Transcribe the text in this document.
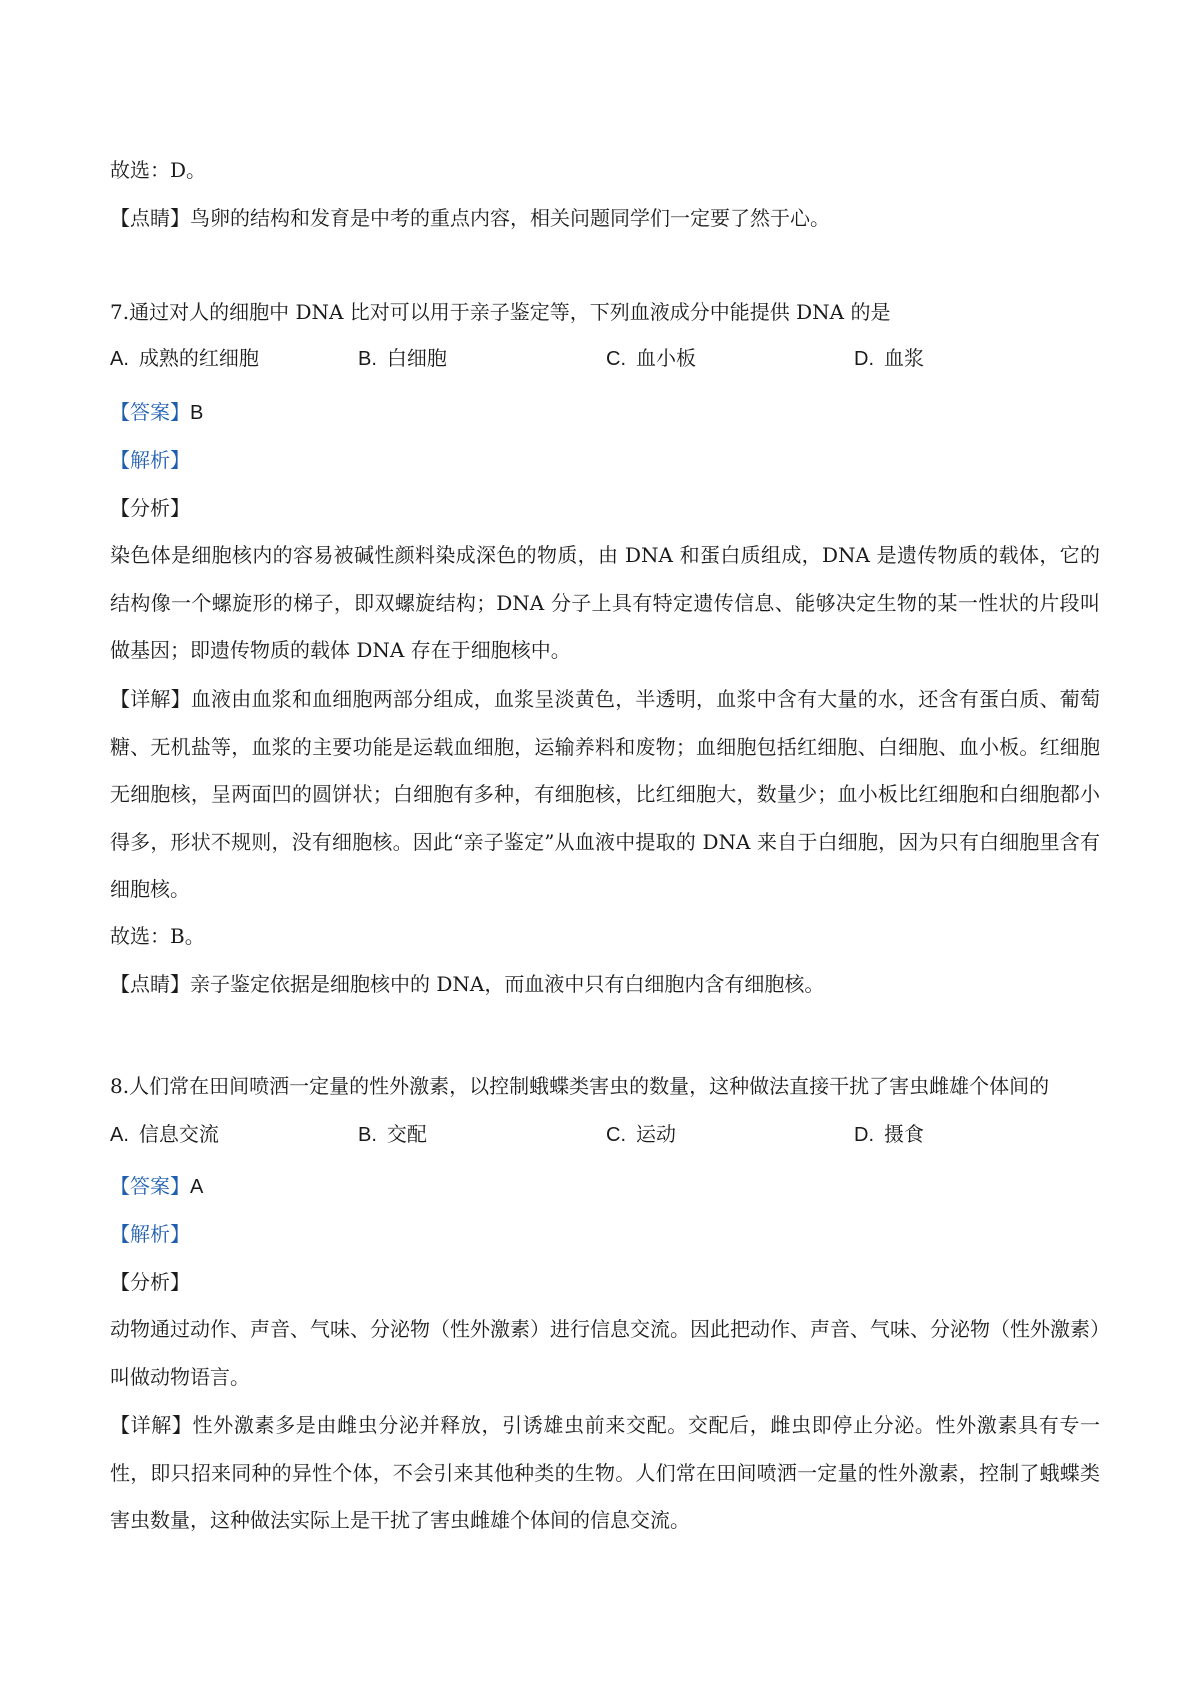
故选：D。
【点睛】鸟卵的结构和发育是中考的重点内容，相关问题同学们一定要了然于心。
7.通过对人的细胞中 DNA 比对可以用于亲子鉴定等，下列血液成分中能提供 DNA 的是
A. 成熟的红细胞	B. 白细胞	C. 血小板	D. 血浆
【答案】B
【解析】
【分析】
染色体是细胞核内的容易被碱性颜料染成深色的物质，由 DNA 和蛋白质组成，DNA 是遗传物质的载体，它的结构像一个螺旋形的梯子，即双螺旋结构；DNA 分子上具有特定遗传信息、能够决定生物的某一性状的片段叫做基因；即遗传物质的载体 DNA 存在于细胞核中。
【详解】血液由血浆和血细胞两部分组成，血浆呈淡黄色，半透明，血浆中含有大量的水，还含有蛋白质、葡萄糖、无机盐等，血浆的主要功能是运载血细胞，运输养料和废物；血细胞包括红细胞、白细胞、血小板。红细胞无细胞核，呈两面凹的圆饼状；白细胞有多种，有细胞核，比红细胞大，数量少；血小板比红细胞和白细胞都小得多，形状不规则，没有细胞核。因此“亲子鉴定”从血液中提取的 DNA 来自于白细胞，因为只有白细胞里含有细胞核。
故选：B。
【点睛】亲子鉴定依据是细胞核中的 DNA，而血液中只有白细胞内含有细胞核。
8.人们常在田间喷洒一定量的性外激素，以控制蛾蝶类害虫的数量，这种做法直接干扰了害虫雌雄个体间的
A. 信息交流	B. 交配	C. 运动	D. 摄食
【答案】A
【解析】
【分析】
动物通过动作、声音、气味、分泌物（性外激素）进行信息交流。因此把动作、声音、气味、分泌物（性外激素）叫做动物语言。
【详解】性外激素多是由雌虫分泌并释放，引诱雄虫前来交配。交配后，雌虫即停止分泌。性外激素具有专一性，即只招来同种的异性个体，不会引来其他种类的生物。人们常在田间喷洒一定量的性外激素，控制了蛾蝶类害虫数量，这种做法实际上是干扰了害虫雌雄个体间的信息交流。
